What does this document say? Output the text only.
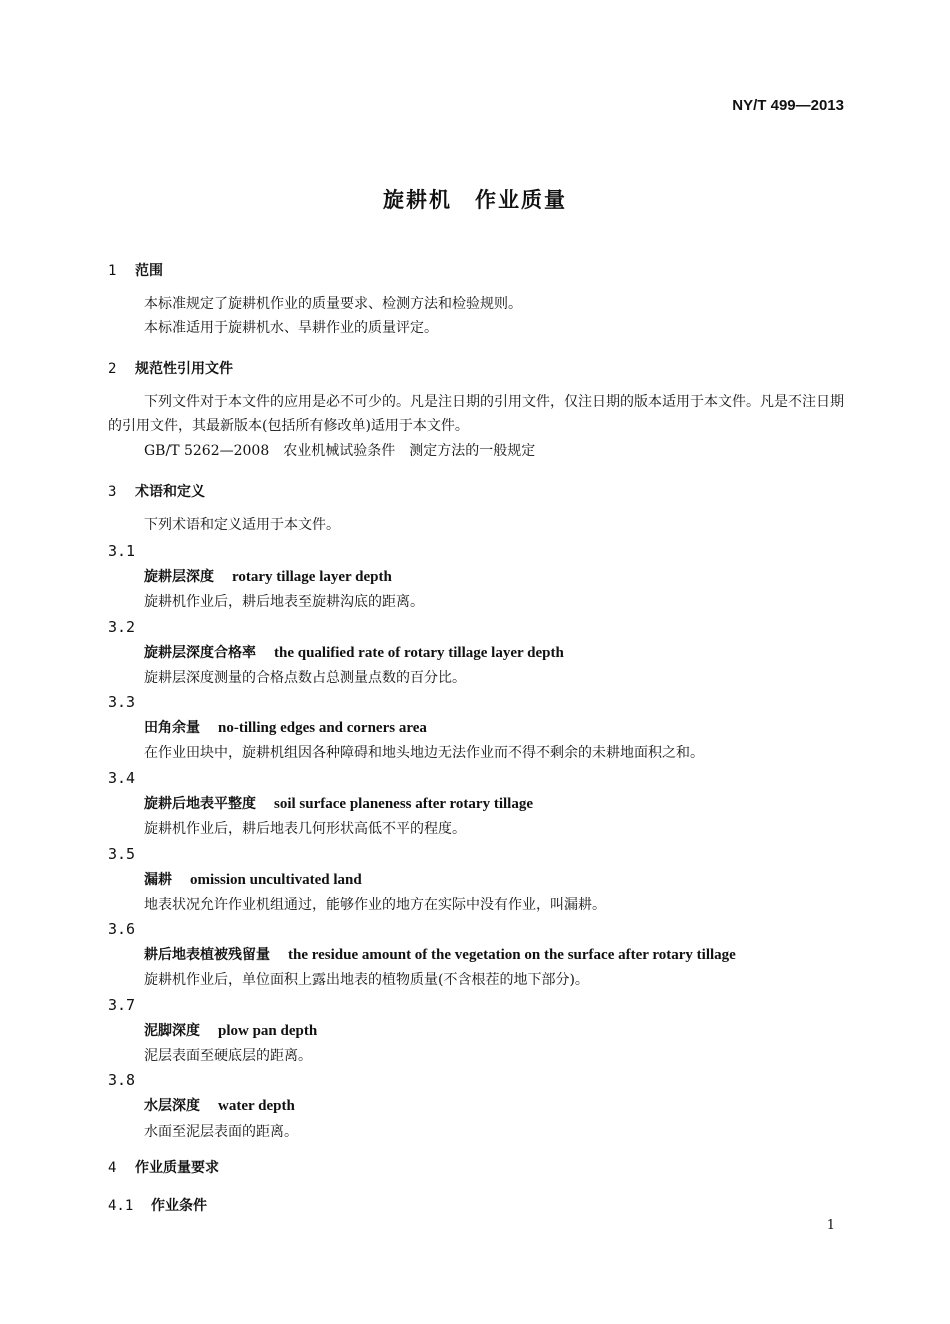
NY/T 499—2013
旋耕机　作业质量
1 范围
本标准规定了旋耕机作业的质量要求、检测方法和检验规则。
本标准适用于旋耕机水、旱耕作业的质量评定。
2 规范性引用文件
下列文件对于本文件的应用是必不可少的。凡是注日期的引用文件，仅注日期的版本适用于本文件。凡是不注日期的引用文件，其最新版本(包括所有修改单)适用于本文件。
GB/T 5262—2008　农业机械试验条件　测定方法的一般规定
3 术语和定义
下列术语和定义适用于本文件。
3.1
旋耕层深度 rotary tillage layer depth
旋耕机作业后，耕后地表至旋耕沟底的距离。
3.2
旋耕层深度合格率 the qualified rate of rotary tillage layer depth
旋耕层深度测量的合格点数占总测量点数的百分比。
3.3
田角余量 no-tilling edges and corners area
在作业田块中，旋耕机组因各种障碍和地头地边无法作业而不得不剩余的未耕地面积之和。
3.4
旋耕后地表平整度 soil surface planeness after rotary tillage
旋耕机作业后，耕后地表几何形状高低不平的程度。
3.5
漏耕 omission uncultivated land
地表状况允许作业机组通过，能够作业的地方在实际中没有作业，叫漏耕。
3.6
耕后地表植被残留量 the residue amount of the vegetation on the surface after rotary tillage
旋耕机作业后，单位面积上露出地表的植物质量(不含根茬的地下部分)。
3.7
泥脚深度 plow pan depth
泥层表面至硬底层的距离。
3.8
水层深度 water depth
水面至泥层表面的距离。
4 作业质量要求
4.1 作业条件
1
